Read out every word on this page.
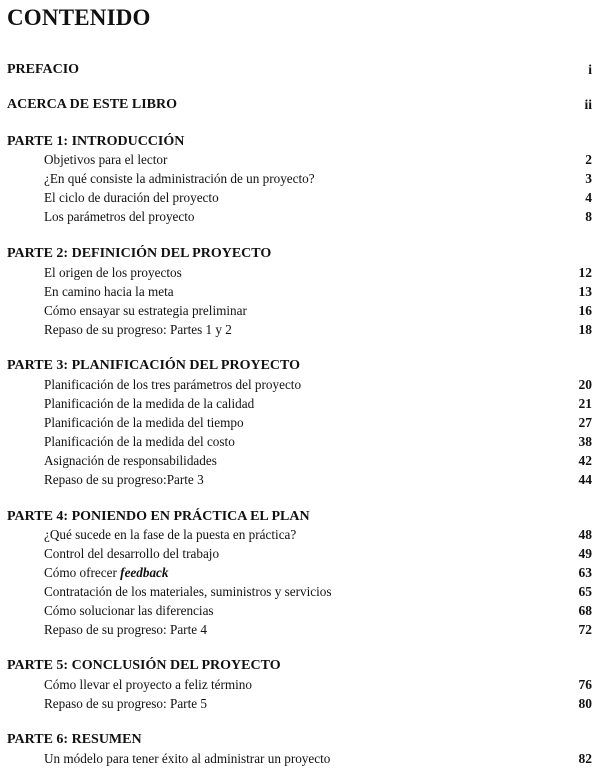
CONTENIDO
PREFACIO	i
ACERCA DE ESTE LIBRO	ii
PARTE 1: INTRODUCCIÓN
Objetivos para el lector	2
¿En qué consiste la administración de un proyecto?	3
El ciclo de duración del proyecto	4
Los parámetros del proyecto	8
PARTE 2: DEFINICIÓN DEL PROYECTO
El origen de los proyectos	12
En camino hacia la meta	13
Cómo ensayar su estrategia preliminar	16
Repaso de su progreso: Partes 1 y 2	18
PARTE 3: PLANIFICACIÓN DEL PROYECTO
Planificación de los tres parámetros del proyecto	20
Planificación de la medida de la calidad	21
Planificación de la medida del tiempo	27
Planificación de la medida del costo	38
Asignación de responsabilidades	42
Repaso de su progreso:Parte 3	44
PARTE 4: PONIENDO EN PRÁCTICA EL PLAN
¿Qué sucede en la fase de la puesta en práctica?	48
Control del desarrollo del trabajo	49
Cómo ofrecer feedback	63
Contratación de los materiales, suministros y servicios	65
Cómo solucionar las diferencias	68
Repaso de su progreso: Parte 4	72
PARTE 5: CONCLUSIÓN DEL PROYECTO
Cómo llevar el proyecto a feliz término	76
Repaso de su progreso: Parte 5	80
PARTE 6: RESUMEN
Un módelo para tener éxito al administrar un proyecto	82
